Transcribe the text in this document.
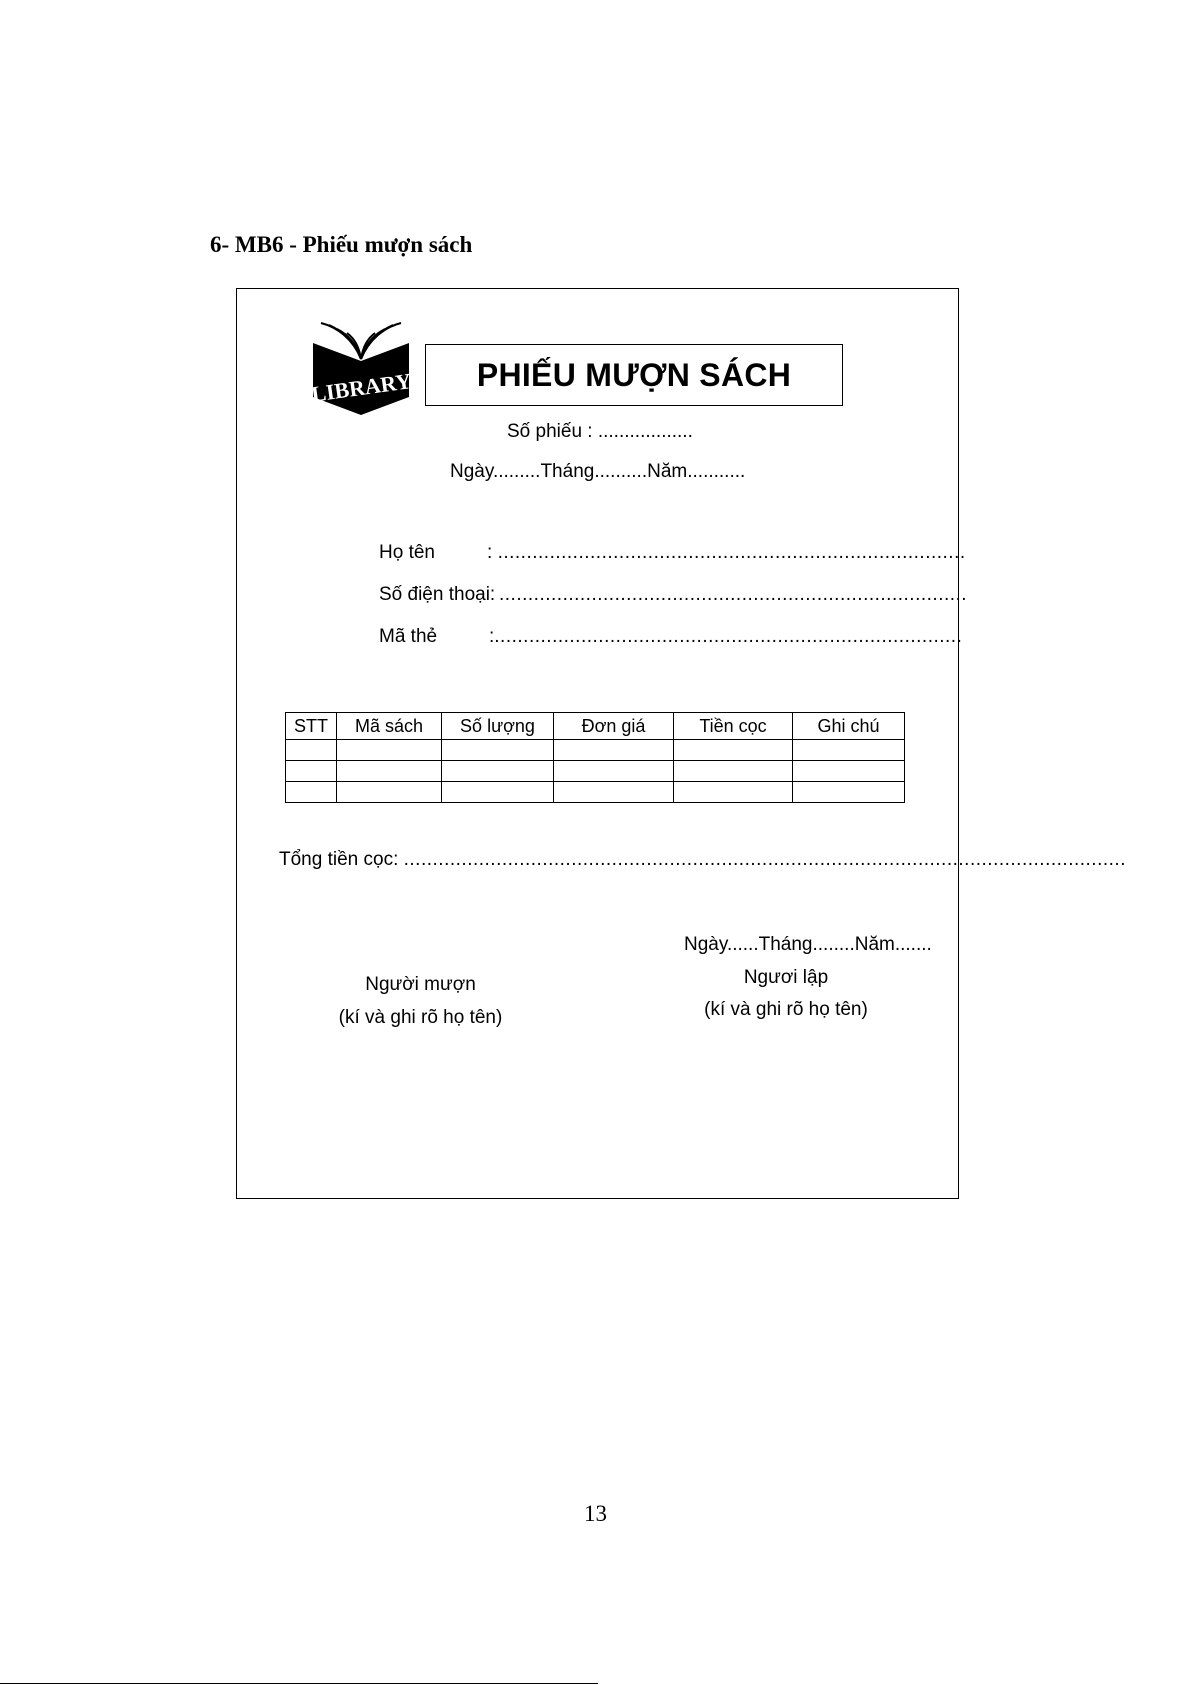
6- MB6 - Phiếu mượn sách
LIBRARY	PHIẾU MƯỢN SÁCH
Số phiếu : ..................
Ngày.........Tháng..........Năm...........
Họ tên	: .................................................................................
Số điện thoại: .................................................................................
Mã thẻ	:.................................................................................
STT	Mã sách	Số lượng	Đơn giá	Tiền cọc	Ghi chú

Tổng tiền cọc: .............................................................................................................................
Ngày......Tháng........Năm.......
Người mượn
(kí và ghi rõ họ tên)
Ngươi lập
(kí và ghi rõ họ tên)
13
